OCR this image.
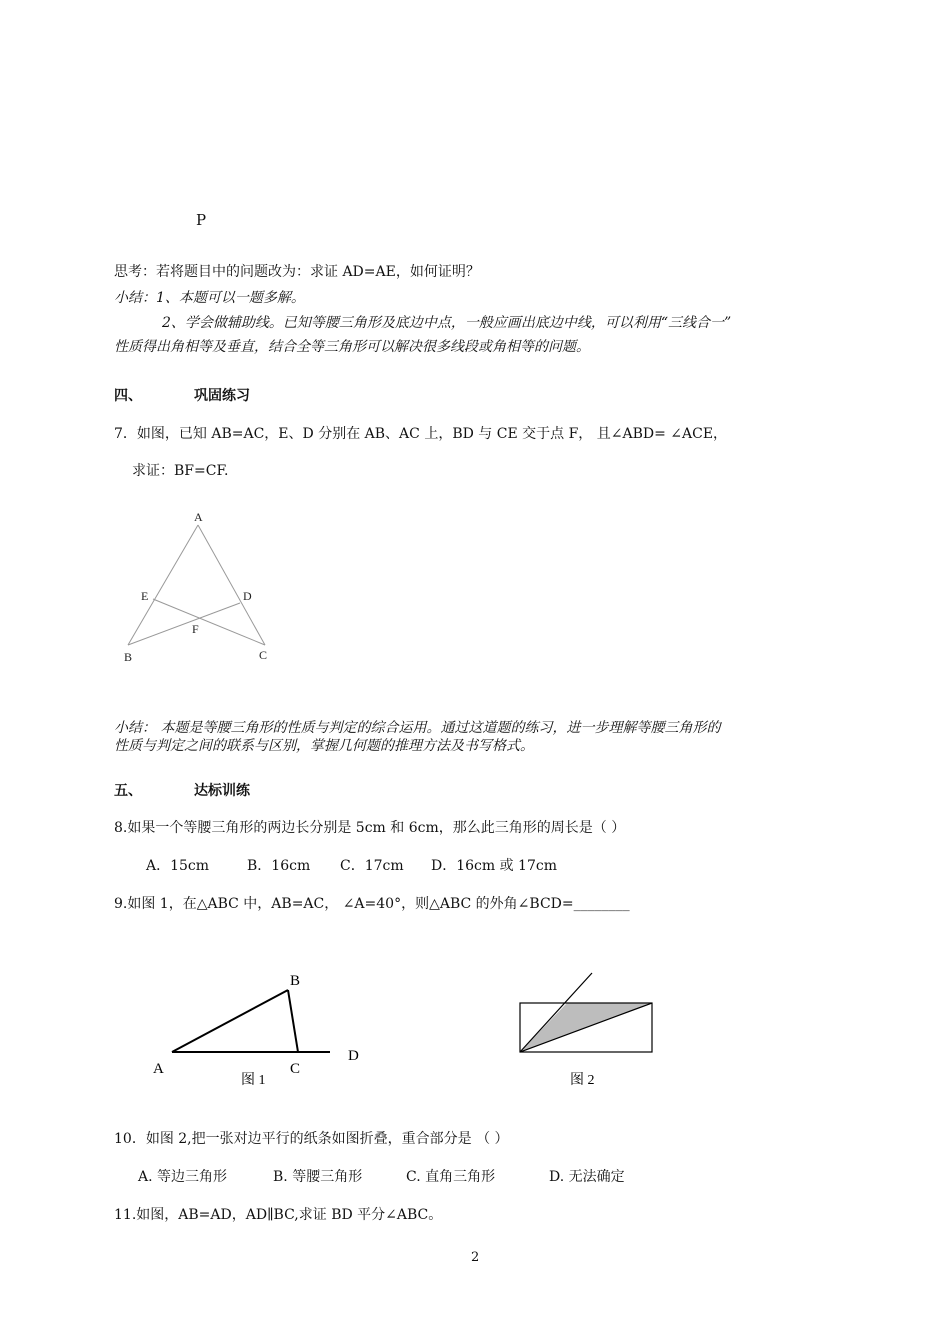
P
思考：若将题目中的问题改为：求证 AD=AE，如何证明？
小结：1、本题可以一题多解。
2、学会做辅助线。已知等腰三角形及底边中点，一般应画出底边中线，可以利用“三线合一”
性质得出角相等及垂直，结合全等三角形可以解决很多线段或角相等的问题。
四、	巩固练习
7．如图，已知 AB=AC，E、D 分别在 AB、AC 上，BD 与 CE 交于点 F， 且∠ABD= ∠ACE，
求证：BF=CF.
A
E	D
F
B	C
小结： 本题是等腰三角形的性质与判定的综合运用。通过这道题的练习，进一步理解等腰三角形的
性质与判定之间的联系与区别，掌握几何题的推理方法及书写格式。
五、	达标训练
8.如果一个等腰三角形的两边长分别是 5cm 和 6cm，那么此三角形的周长是（ ）
A．15cm	B．16cm C．17cm D．16cm 或 17cm
9.如图 1，在△ABC 中，AB=AC， ∠A=40°，则△ABC 的外角∠BCD=________
B
A	C
D
图 1	图 2
10．如图 2,把一张对边平行的纸条如图折叠，重合部分是 （ ）
A. 等边三角形	B. 等腰三角形	C. 直角三角形	D. 无法确定
11.如图，AB=AD，AD∥BC,求证 BD 平分∠ABC。
2
